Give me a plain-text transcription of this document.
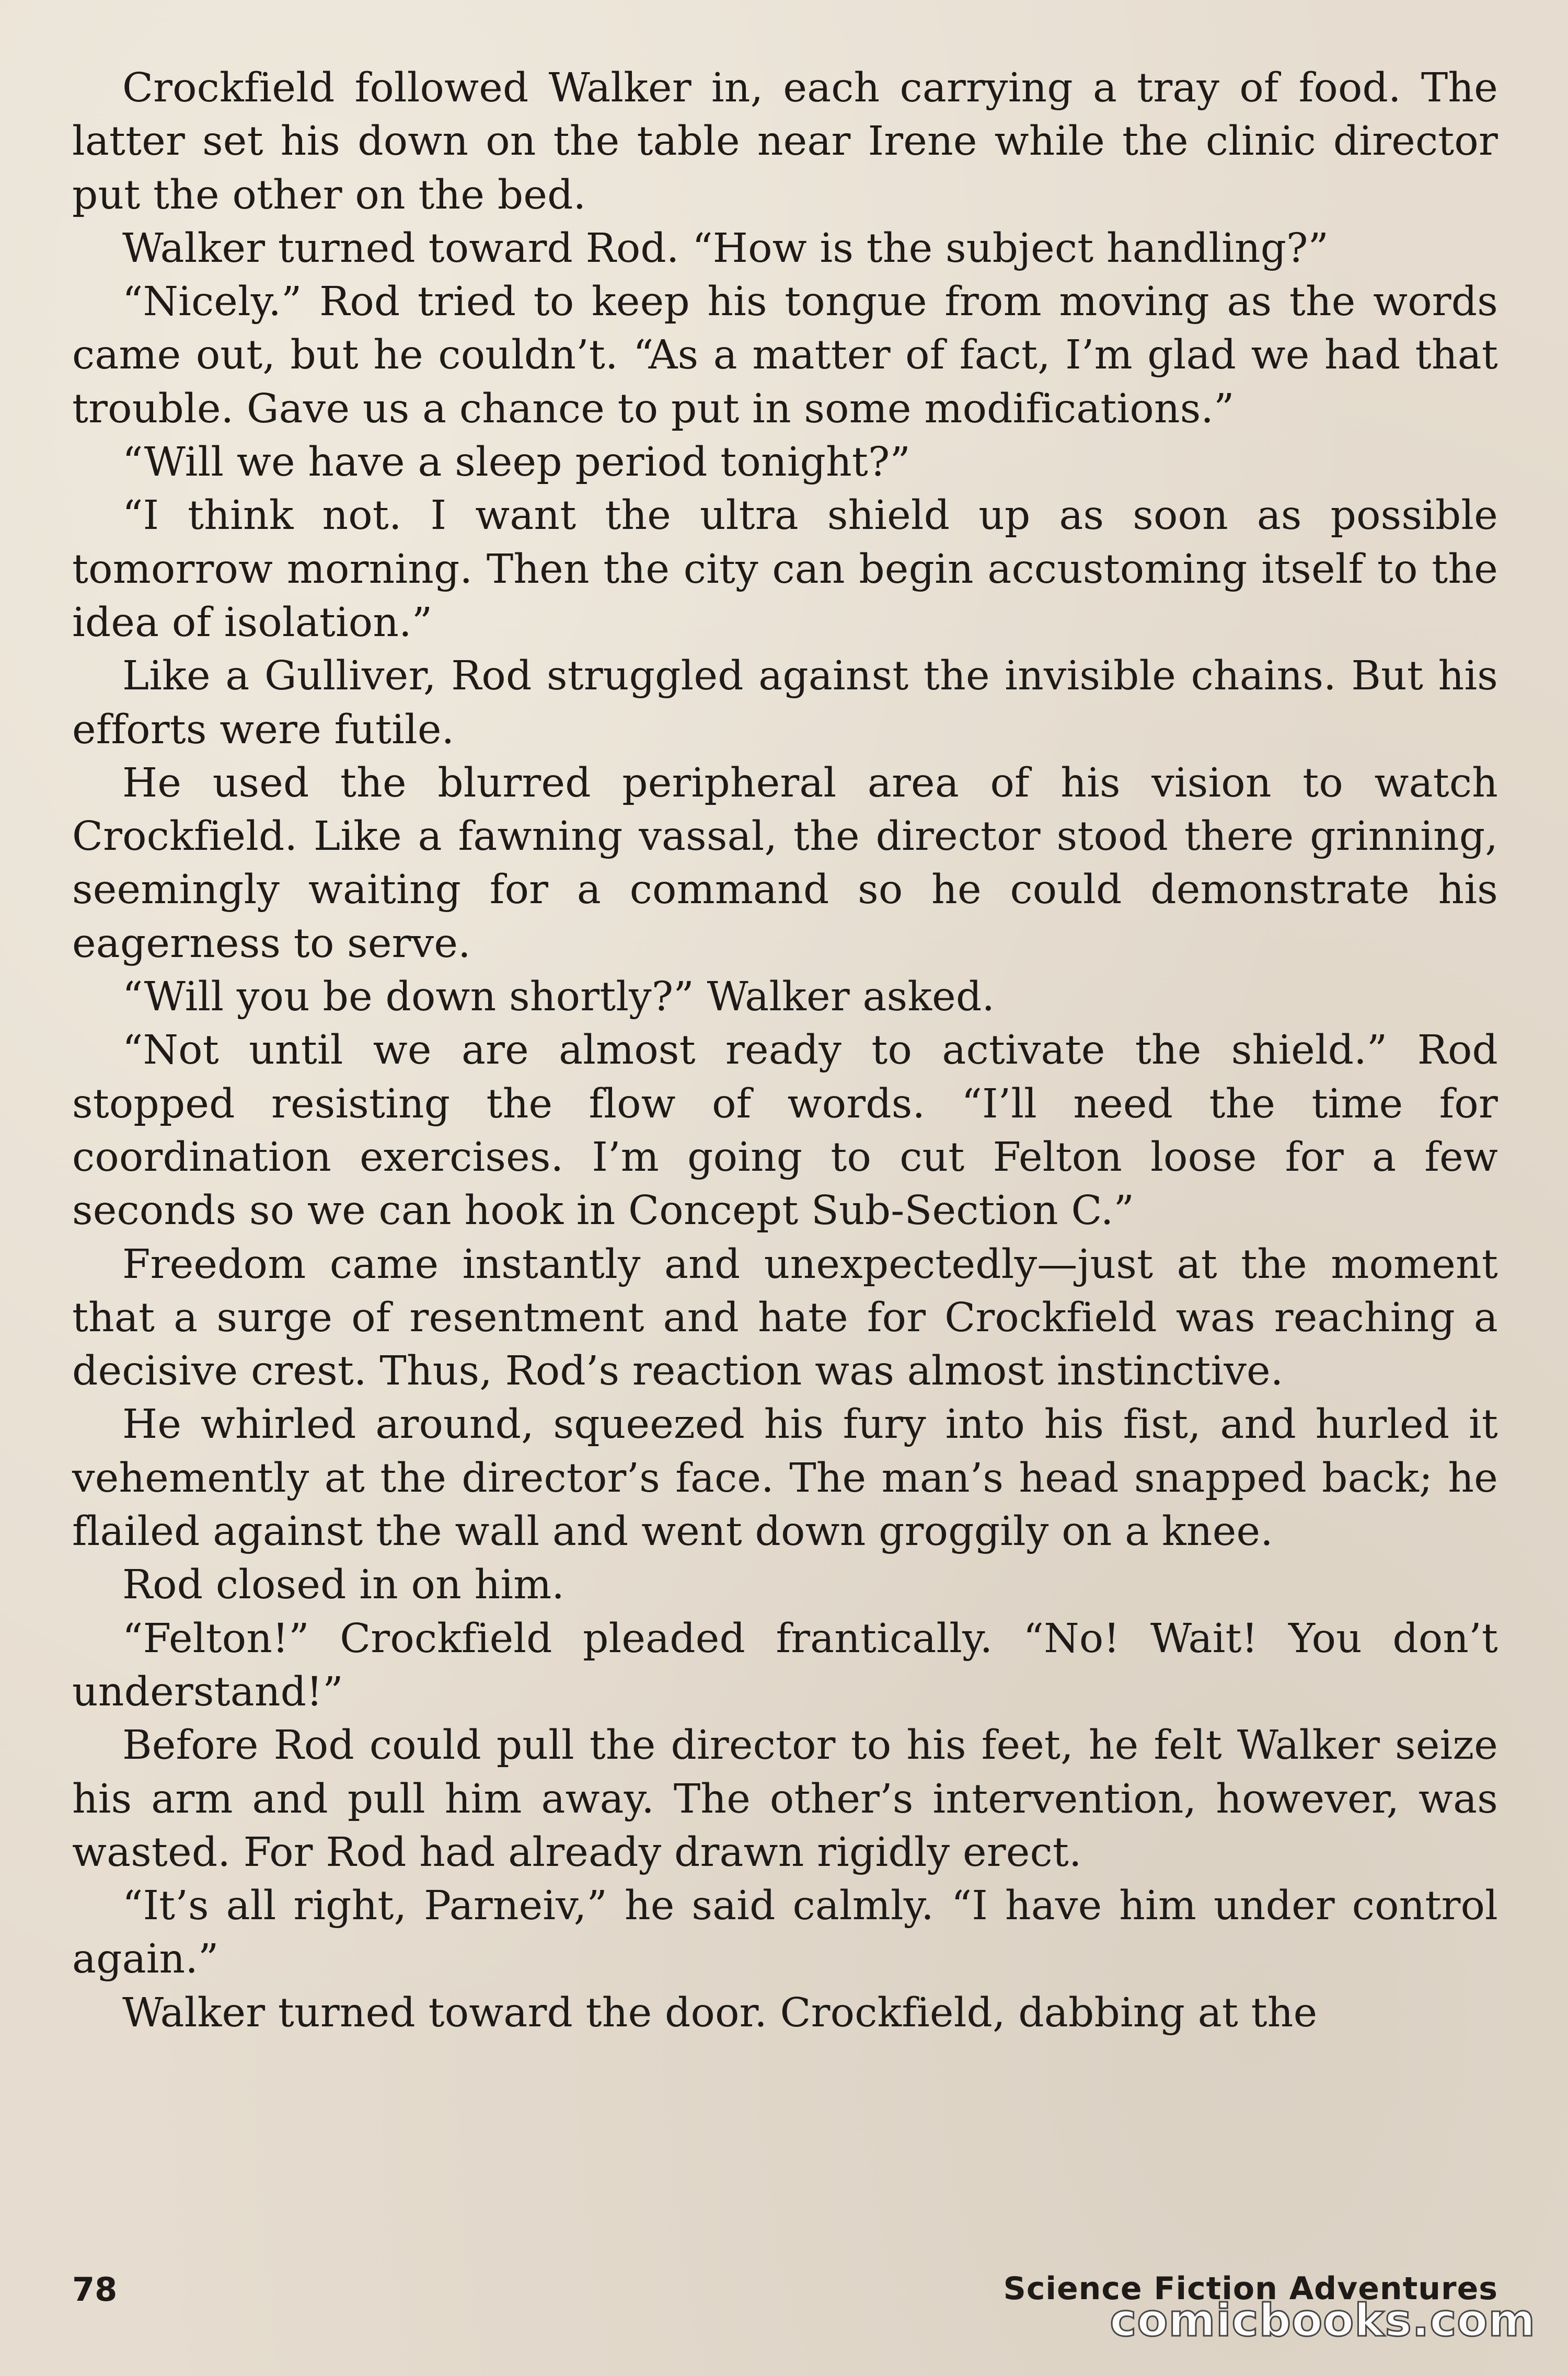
Crockfield followed Walker in, each carrying a tray of food. The latter set his down on the table near Irene while the clinic director put the other on the bed.

Walker turned toward Rod. “How is the subject handling?”

“Nicely.” Rod tried to keep his tongue from moving as the words came out, but he couldn’t. “As a matter of fact, I’m glad we had that trouble. Gave us a chance to put in some modifications.”

“Will we have a sleep period tonight?”

“I think not. I want the ultra shield up as soon as possible tomorrow morning. Then the city can begin accustoming itself to the idea of isolation.”

Like a Gulliver, Rod struggled against the invisible chains. But his efforts were futile.

He used the blurred peripheral area of his vision to watch Crockfield. Like a fawning vassal, the director stood there grinning, seemingly waiting for a command so he could demonstrate his eagerness to serve.

“Will you be down shortly?” Walker asked.

“Not until we are almost ready to activate the shield.” Rod stopped resisting the flow of words. “I’ll need the time for coordination exercises. I’m going to cut Felton loose for a few seconds so we can hook in Concept Sub-Section C.”

Freedom came instantly and unexpectedly—just at the moment that a surge of resentment and hate for Crockfield was reaching a decisive crest. Thus, Rod’s reaction was almost instinctive.

He whirled around, squeezed his fury into his fist, and hurled it vehemently at the director’s face. The man’s head snapped back; he flailed against the wall and went down groggily on a knee.

Rod closed in on him.

“Felton!” Crockfield pleaded frantically. “No! Wait! You don’t understand!”

Before Rod could pull the director to his feet, he felt Walker seize his arm and pull him away. The other’s intervention, however, was wasted. For Rod had already drawn rigidly erect.

“It’s all right, Parneiv,” he said calmly. “I have him under control again.”

Walker turned toward the door. Crockfield, dabbing at the

78	Science Fiction Adventures
comicbooks.com
